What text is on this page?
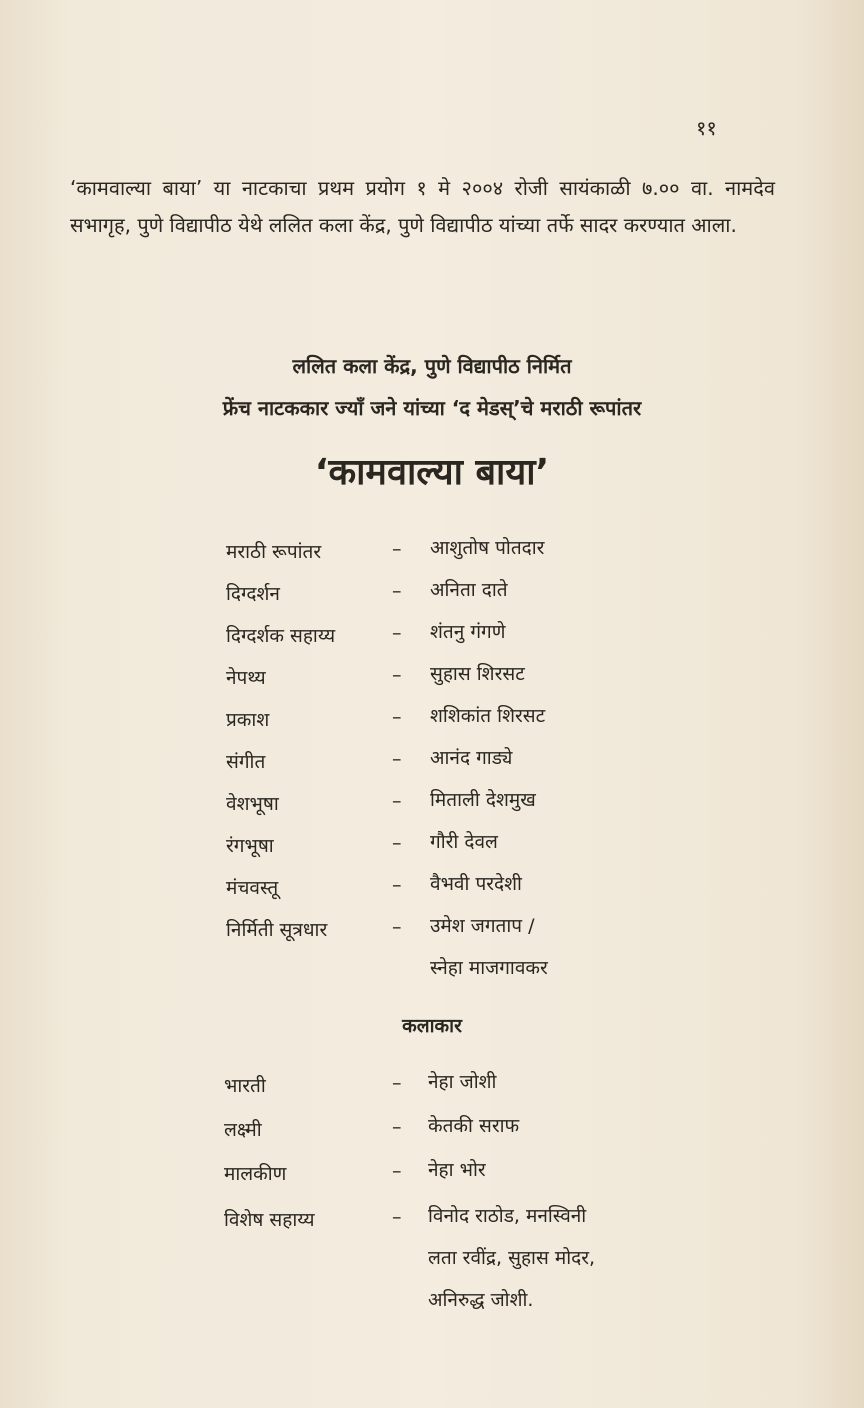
११

‘कामवाल्या बाया’ या नाटकाचा प्रथम प्रयोग १ मे २००४ रोजी सायंकाळी ७.०० वा. नामदेव सभागृह, पुणे विद्यापीठ येथे ललित कला केंद्र, पुणे विद्यापीठ यांच्या तर्फे सादर करण्यात आला.

ललित कला केंद्र, पुणे विद्यापीठ निर्मित
फ्रेंच नाटककार ज्याँ जने यांच्या ‘द मेडस्’चे मराठी रूपांतर
‘कामवाल्या बाया’
मराठी रूपांतर	– आशुतोष पोतदार
दिग्दर्शन	– अनिता दाते
दिग्दर्शक सहाय्य	– शंतनु गंगणे
नेपथ्य	– सुहास शिरसट
प्रकाश	– शशिकांत शिरसट
संगीत	– आनंद गाड्ये
वेशभूषा	– मिताली देशमुख
रंगभूषा	– गौरी देवल
मंचवस्तू	– वैभवी परदेशी
निर्मिती सूत्रधार	– उमेश जगताप /
स्नेहा माजगावकर
कलाकार
भारती	– नेहा जोशी
लक्ष्मी	– केतकी सराफ
मालकीण	– नेहा भोर
विशेष सहाय्य	– विनोद राठोड, मनस्विनी
लता रवींद्र, सुहास मोदर,
अनिरुद्ध जोशी.
